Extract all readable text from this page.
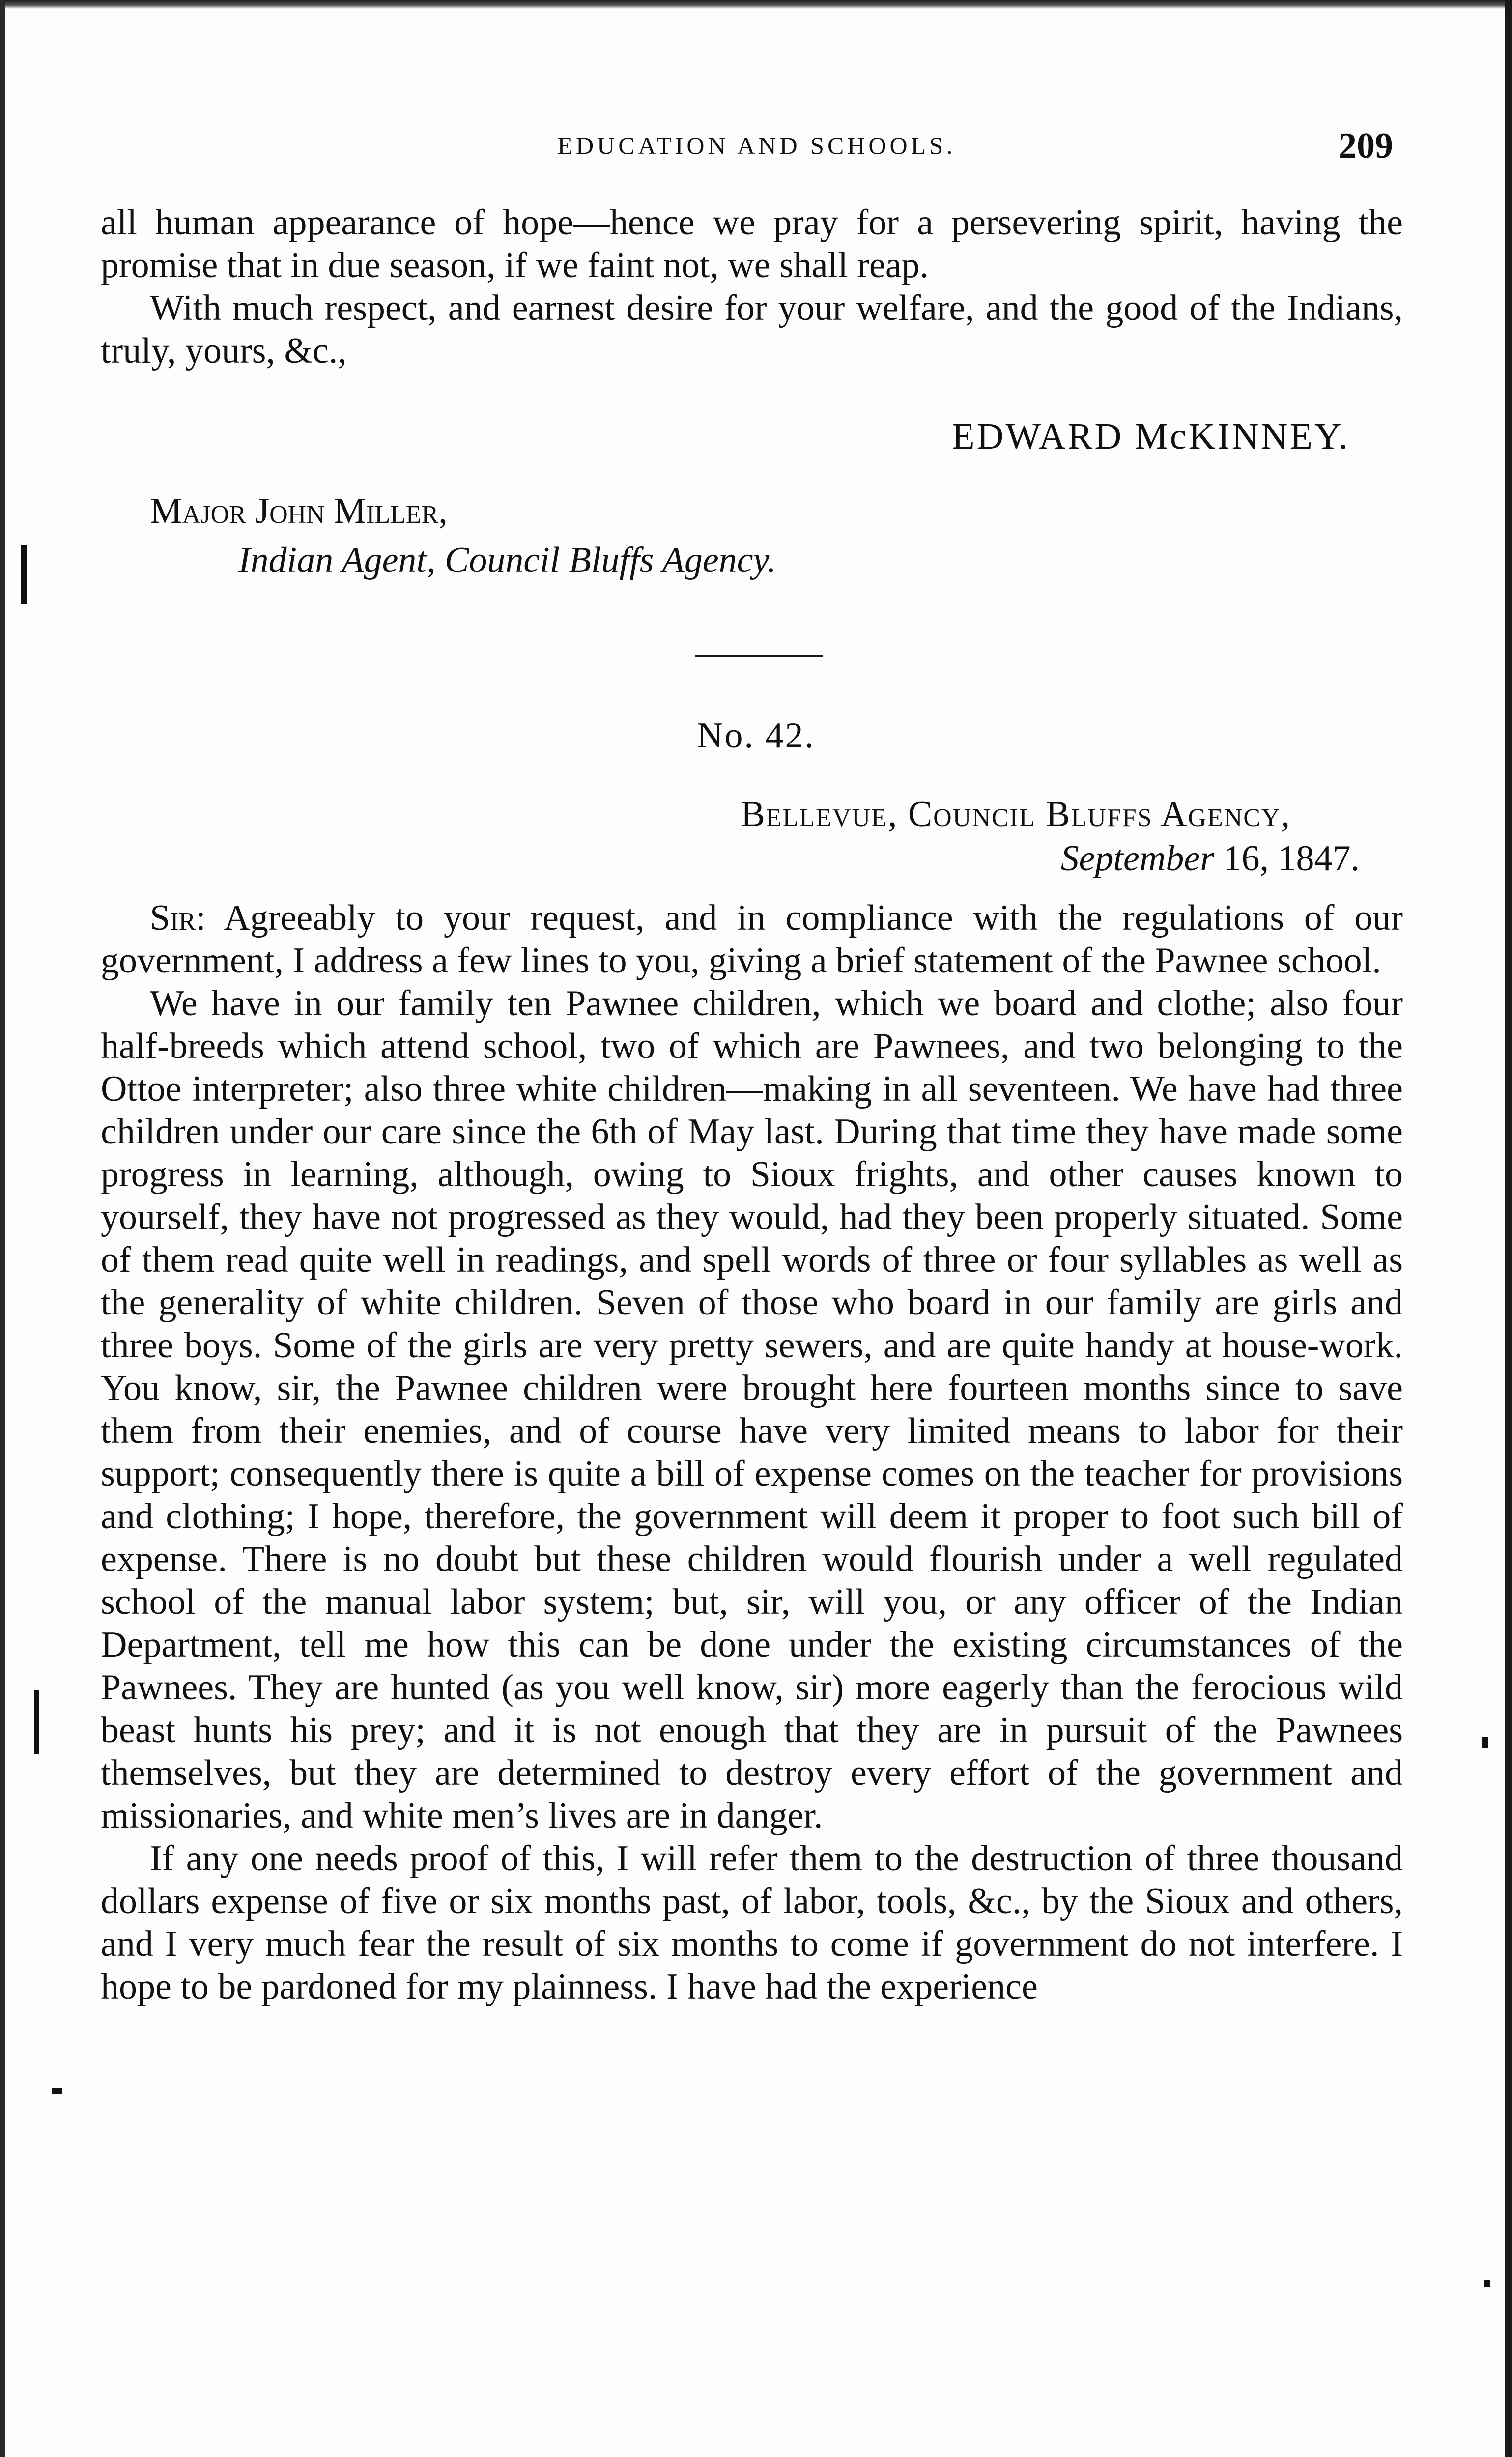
EDUCATION AND SCHOOLS.	209

all human appearance of hope—hence we pray for a persevering spirit, having the promise that in due season, if we faint not, we shall reap.

With much respect, and earnest desire for your welfare, and the good of the Indians, truly, yours, &c.,

EDWARD McKINNEY.
Major John Miller,
Indian Agent, Council Bluffs Agency.
No. 42.
Bellevue, Council Bluffs Agency,
September 16, 1847.

Sir: Agreeably to your request, and in compliance with the regulations of our government, I address a few lines to you, giving a brief statement of the Pawnee school.

We have in our family ten Pawnee children, which we board and clothe; also four half-breeds which attend school, two of which are Pawnees, and two belonging to the Ottoe interpreter; also three white children—making in all seventeen. We have had three children under our care since the 6th of May last. During that time they have made some progress in learning, although, owing to Sioux frights, and other causes known to yourself, they have not progressed as they would, had they been properly situated. Some of them read quite well in readings, and spell words of three or four syllables as well as the generality of white children. Seven of those who board in our family are girls and three boys. Some of the girls are very pretty sewers, and are quite handy at house-work. You know, sir, the Pawnee children were brought here fourteen months since to save them from their enemies, and of course have very limited means to labor for their support; consequently there is quite a bill of expense comes on the teacher for provisions and clothing; I hope, therefore, the government will deem it proper to foot such bill of expense. There is no doubt but these children would flourish under a well regulated school of the manual labor system; but, sir, will you, or any officer of the Indian Department, tell me how this can be done under the existing circumstances of the Pawnees. They are hunted (as you well know, sir) more eagerly than the ferocious wild beast hunts his prey; and it is not enough that they are in pursuit of the Pawnees themselves, but they are determined to destroy every effort of the government and missionaries, and white men’s lives are in danger.

If any one needs proof of this, I will refer them to the destruction of three thousand dollars expense of five or six months past, of labor, tools, &c., by the Sioux and others, and I very much fear the result of six months to come if government do not interfere. I hope to be pardoned for my plainness. I have had the experience
